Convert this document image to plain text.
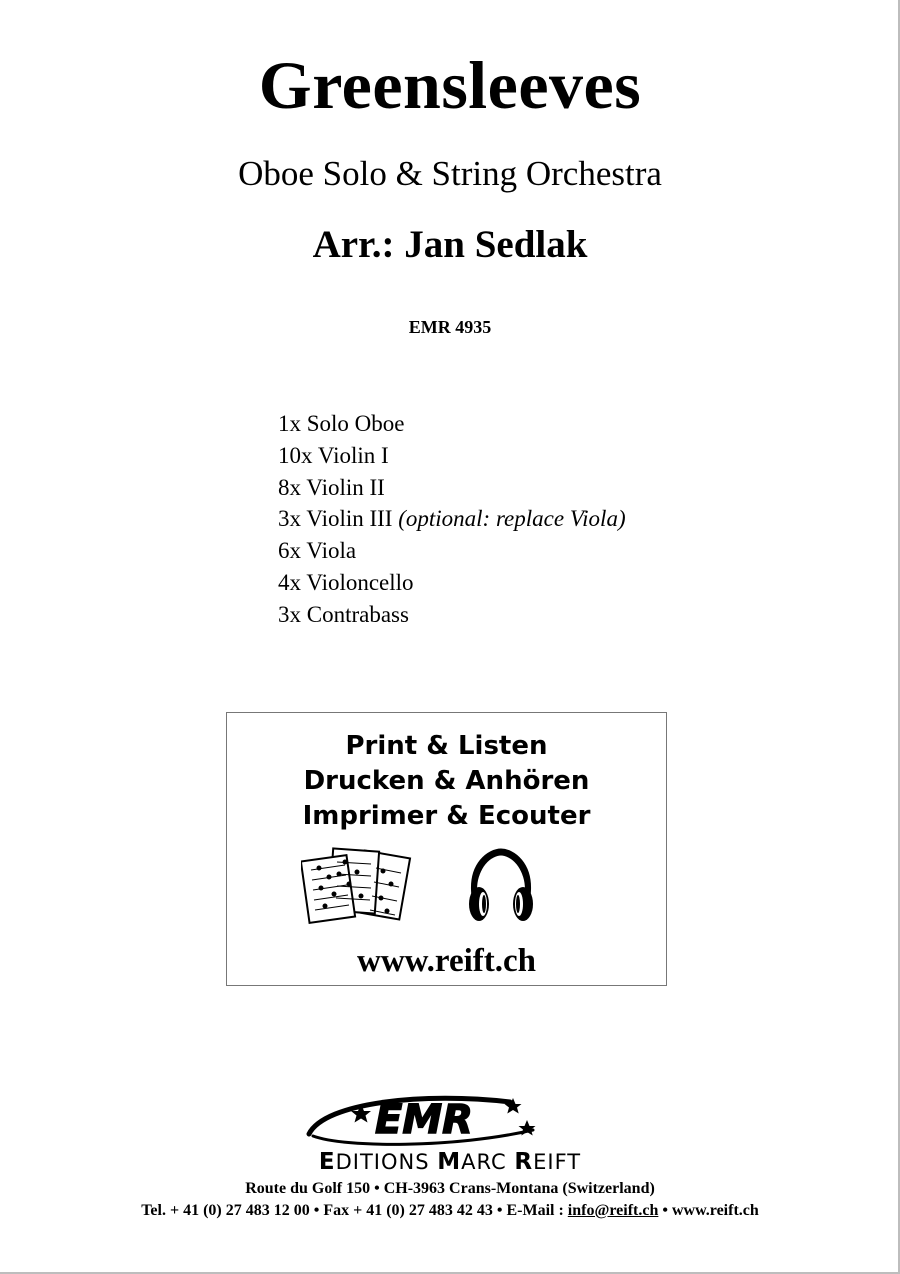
Greensleeves
Oboe Solo & String Orchestra
Arr.: Jan Sedlak
EMR 4935
1x Solo Oboe
10x Violin I
8x Violin II
3x Violin III (optional: replace Viola)
6x Viola
4x Violoncello
3x Contrabass
Print & Listen
Drucken & Anhören
Imprimer & Ecouter
www.reift.ch
EMR
EDITIONS MARC REIFT
Route du Golf 150 • CH-3963 Crans-Montana (Switzerland)
Tel. + 41 (0) 27 483 12 00 • Fax + 41 (0) 27 483 42 43 • E-Mail : info@reift.ch • www.reift.ch
